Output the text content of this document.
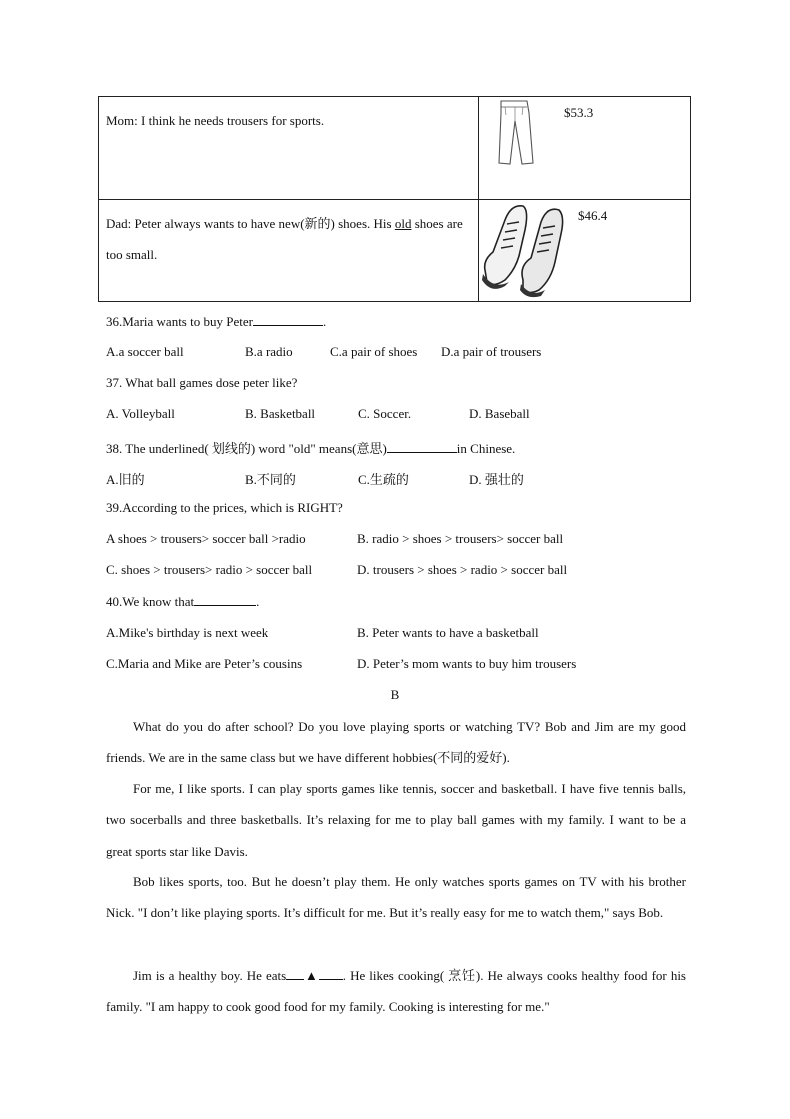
Mom: I think he needs trousers for sports.
$53.3
Dad: Peter always wants to have new(新的) shoes. His old shoes are too small.
$46.4
36.Maria wants to buy Peter	.
A.a soccer ball	B.a radio	C.a pair of shoes D.a pair of trousers
37. What ball games dose peter like?
A. Volleyball	B. Basketball	C. Soccer.	D. Baseball
38. The underlined( 划线的) word "old" means(意思)	in Chinese.
A.旧的	B.不同的	C.生疏的	D. 强壮的
39.According to the prices, which is RIGHT?
A shoes > trousers> soccer ball >radio	B. radio > shoes > trousers> soccer ball
C. shoes > trousers> radio > soccer ball	D. trousers > shoes > radio > soccer ball
40.We know that	.
A.Mike's birthday is next week	B. Peter wants to have a basketball
C.Maria and Mike are Peter’s cousins	D. Peter’s mom wants to buy him trousers
B
What do you do after school? Do you love playing sports or watching TV? Bob and Jim are my good friends. We are in the same class but we have different hobbies(不同的爱好).
For me, I like sports. I can play sports games like tennis, soccer and basketball. I have five tennis balls, two socerballs and three basketballs. It’s relaxing for me to play ball games with my family. I want to be a great sports star like Davis.
Bob likes sports, too. But he doesn’t play them. He only watches sports games on TV with his brother Nick. "I don’t like playing sports. It’s difficult for me. But it’s really easy for me to watch them," says Bob.
Jim is a healthy boy. He eats ▲ . He likes cooking( 烹饪). He always cooks healthy food for his family. "I am happy to cook good food for my family. Cooking is interesting for me."
